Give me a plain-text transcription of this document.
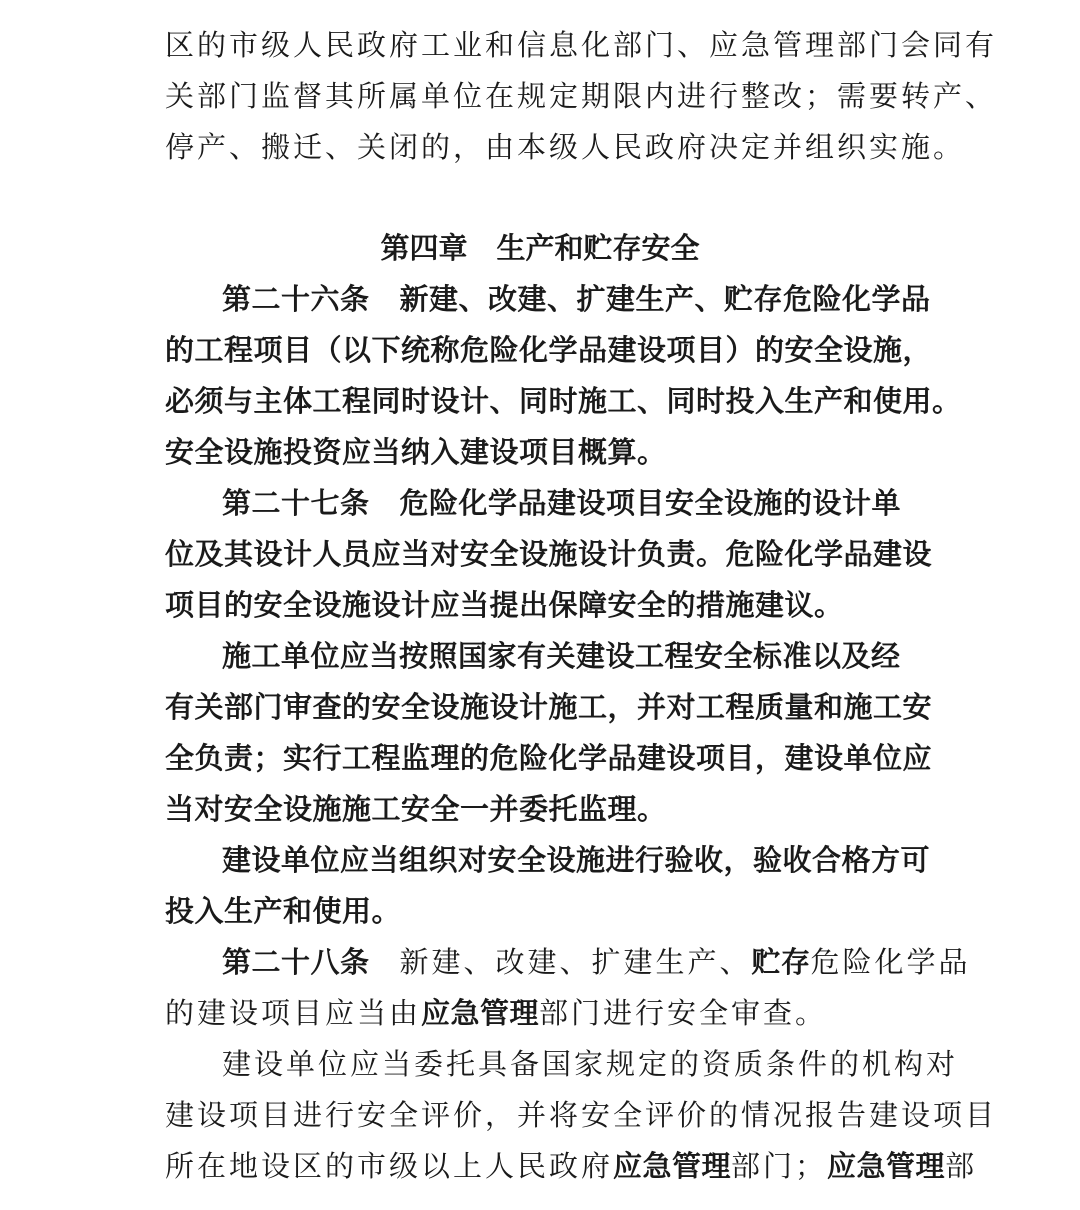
区的市级人民政府工业和信息化部门、应急管理部门会同有
关部门监督其所属单位在规定期限内进行整改；需要转产、
停产、搬迁、关闭的，由本级人民政府决定并组织实施。
第四章　生产和贮存安全
第二十六条 新建、改建、扩建生产、贮存危险化学品
的工程项目（以下统称危险化学品建设项目）的安全设施，
必须与主体工程同时设计、同时施工、同时投入生产和使用。
安全设施投资应当纳入建设项目概算。
第二十七条 危险化学品建设项目安全设施的设计单
位及其设计人员应当对安全设施设计负责。危险化学品建设
项目的安全设施设计应当提出保障安全的措施建议。
施工单位应当按照国家有关建设工程安全标准以及经
有关部门审查的安全设施设计施工，并对工程质量和施工安
全负责；实行工程监理的危险化学品建设项目，建设单位应
当对安全设施施工安全一并委托监理。
建设单位应当组织对安全设施进行验收，验收合格方可
投入生产和使用。
第二十八条 新建、改建、扩建生产、贮存危险化学品
的建设项目应当由应急管理部门进行安全审查。
建设单位应当委托具备国家规定的资质条件的机构对
建设项目进行安全评价，并将安全评价的情况报告建设项目
所在地设区的市级以上人民政府应急管理部门；应急管理部
